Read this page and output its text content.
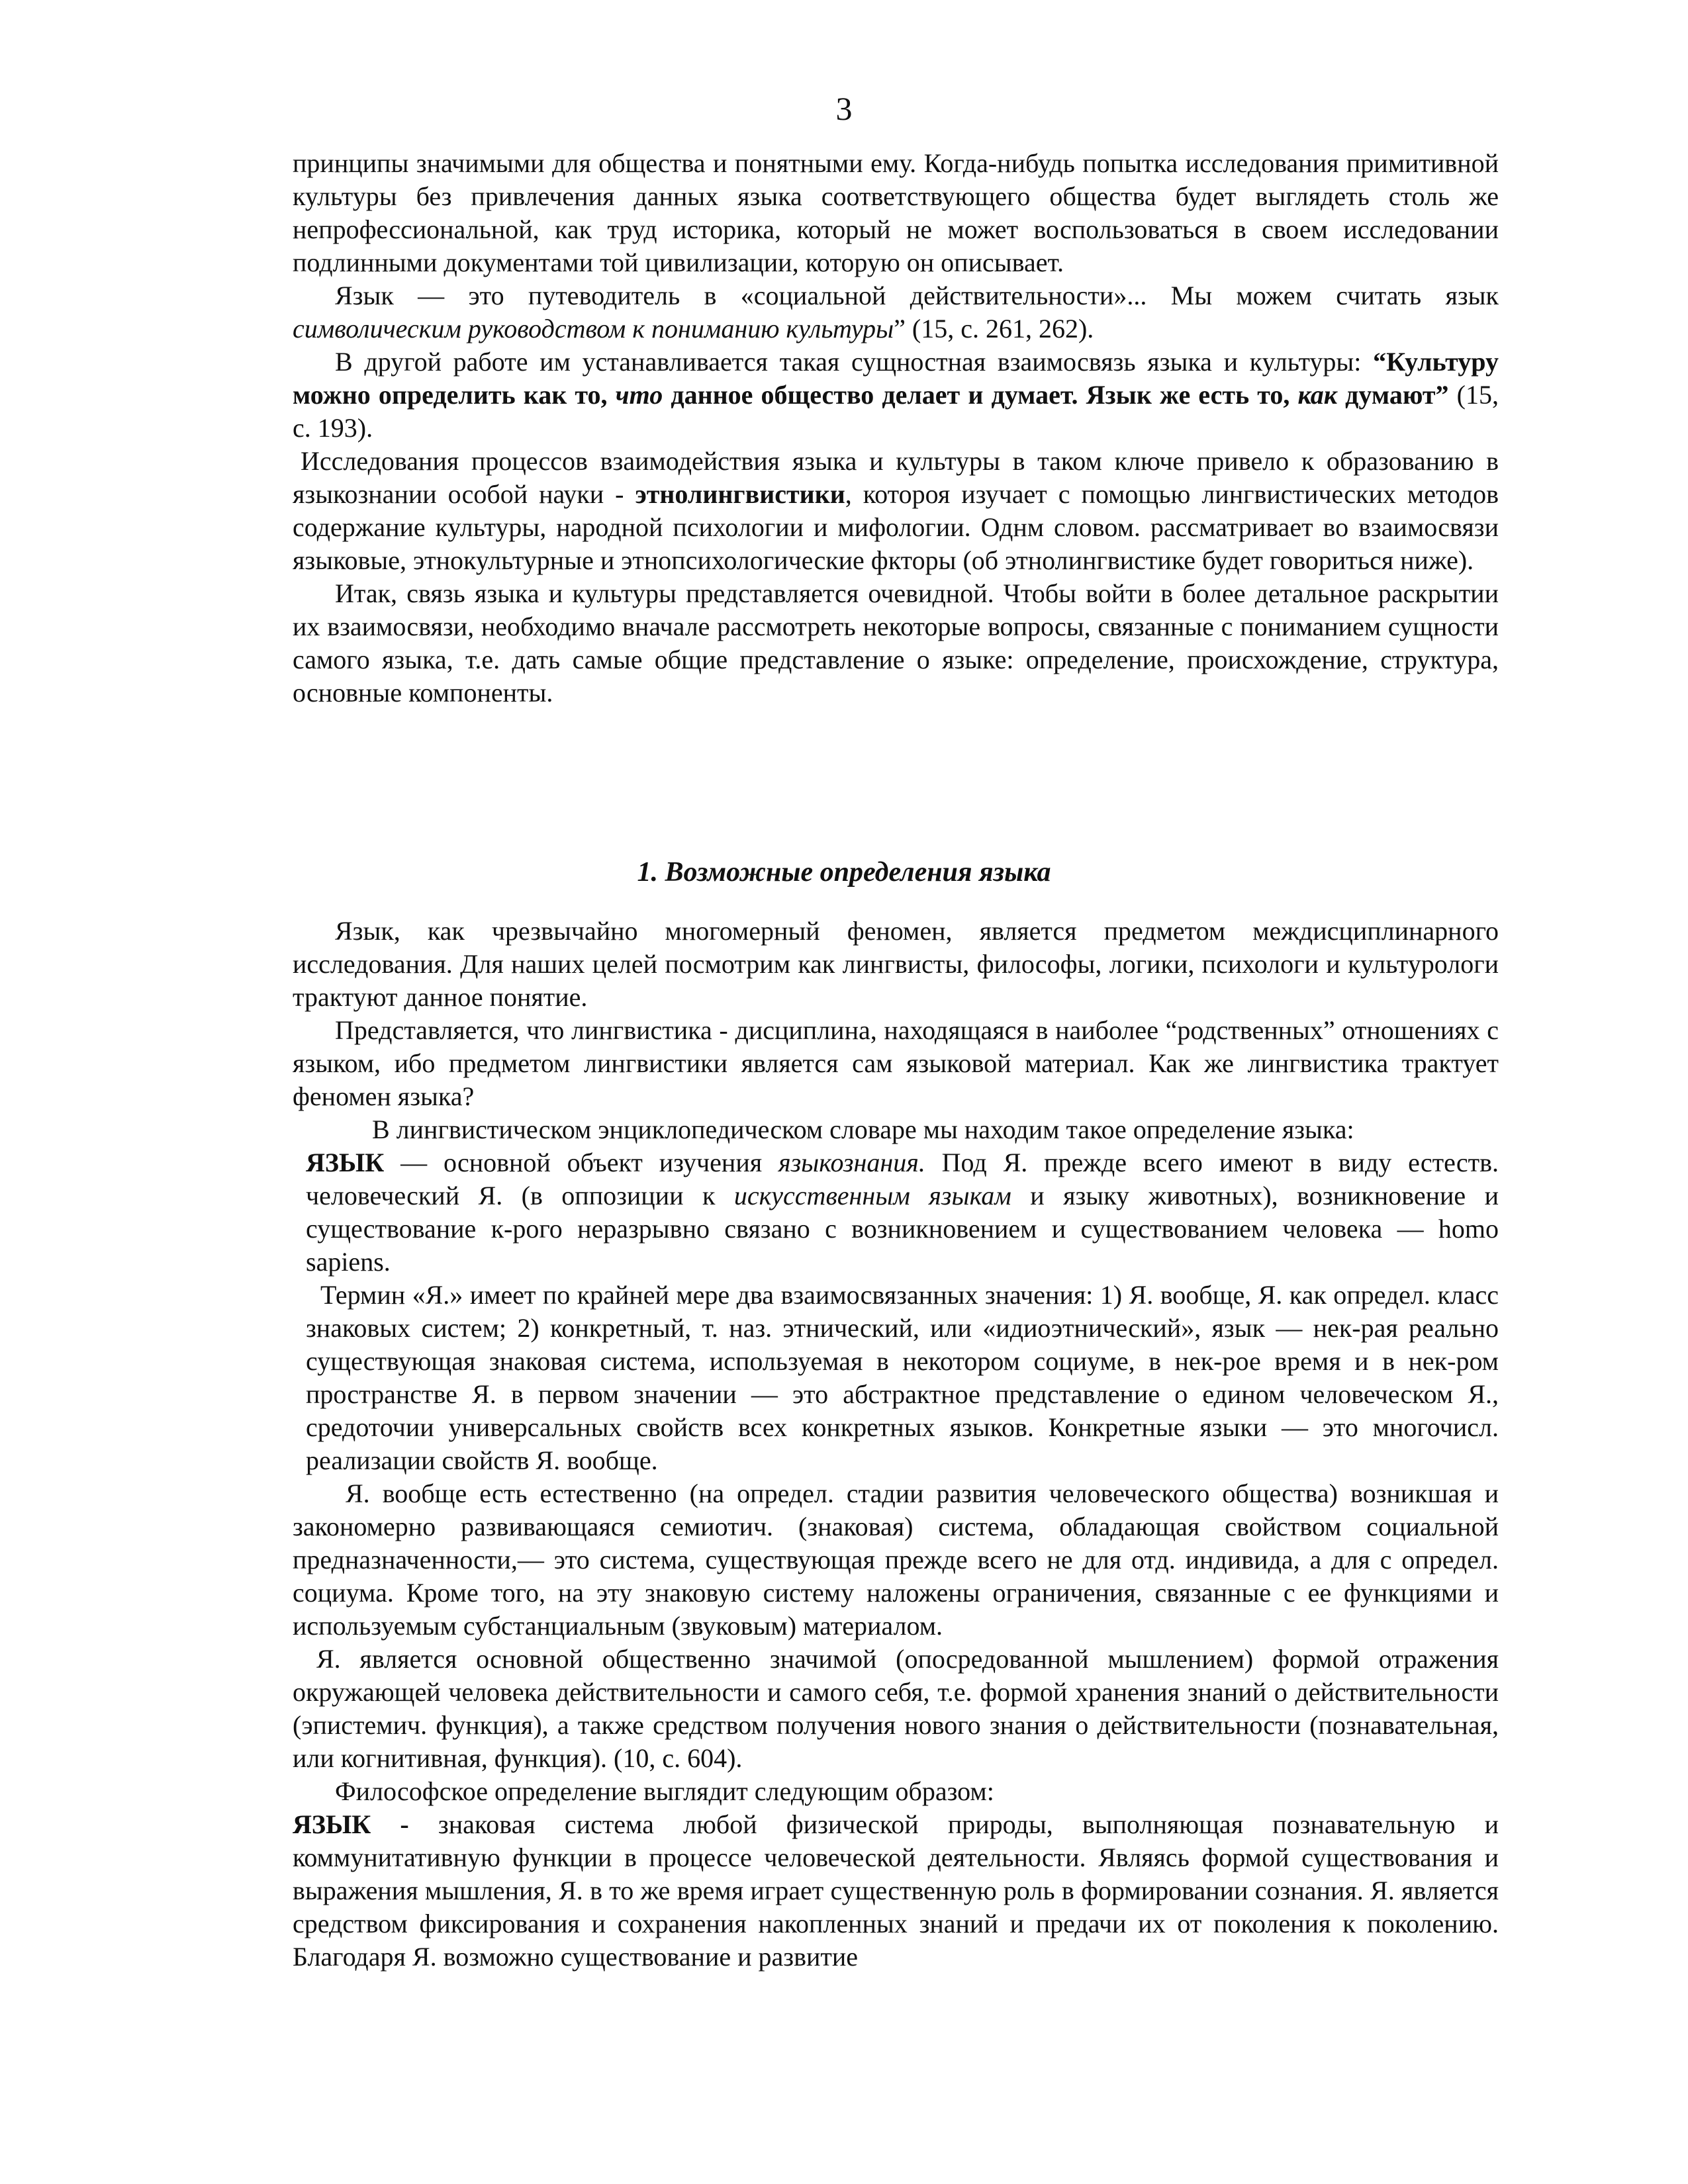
3

принципы значимыми для общества и понятными ему. Когда-нибудь попытка исследования примитивной культуры без привлечения данных языка соответствующего общества будет выглядеть столь же непрофессиональной, как труд историка, который не может воспользоваться в своем исследовании подлинными документами той цивилизации, которую он описывает.

Язык — это путеводитель в «социальной действительности»... Мы можем считать язык символическим руководством к пониманию культуры” (15, с. 261, 262).

В другой работе им устанавливается такая сущностная взаимосвязь языка и культуры: “Культуру можно определить как то, что данное общество делает и думает. Язык же есть то, как думают” (15, с. 193).

Исследования процессов взаимодействия языка и культуры в таком ключе привело к образованию в языкознании особой науки - этнолингвистики, котороя изучает с помощью лингвистических методов содержание культуры, народной психологии и мифологии. Однм словом. рассматривает во взаимосвязи языковые, этнокультурные и этнопсихологические фкторы (об этнолингвистике будет говориться ниже).

Итак, связь языка и культуры представляется очевидной. Чтобы войти в более детальное раскрытии их взаимосвязи, необходимо вначале рассмотреть некоторые вопросы, связанные с пониманием сущности самого языка, т.е. дать самые общие представление о языке: определение, происхождение, структура, основные компоненты.

1. Возможные определения языка

Язык, как чрезвычайно многомерный феномен, является предметом междисциплинарного исследования. Для наших целей посмотрим как лингвисты, философы, логики, психологи и культурологи трактуют данное понятие.

Представляется, что лингвистика - дисциплина, находящаяся в наиболее “родственных” отношениях с языком, ибо предметом лингвистики является сам языковой материал. Как же лингвистика трактует феномен языка?

В лингвистическом энциклопедическом словаре мы находим такое определение языка:

ЯЗЫК — основной объект изучения языкознания. Под Я. прежде всего имеют в виду естеств. человеческий Я. (в оппозиции к искусственным языкам и языку животных), возникновение и существование к-рого неразрывно связано с возникновением и существованием человека — homo sapiens.

Термин «Я.» имеет по крайней мере два взаимосвязанных значения: 1) Я. вообще, Я. как определ. класс знаковых систем; 2) конкретный, т. наз. этнический, или «идиоэтнический», язык — нек-рая реально существующая знаковая система, используемая в некотором социуме, в нек-рое время и в нек-ром пространстве Я. в первом значении — это абстрактное представление о едином человеческом Я., средоточии универсальных свойств всех конкретных языков. Конкретные языки — это многочисл. реализации свойств Я. вообще.

Я. вообще есть естественно (на определ. стадии развития человеческого общества) возникшая и закономерно развивающаяся семиотич. (знаковая) система, обладающая свойством социальной предназначенности,— это система, существующая прежде всего не для отд. индивида, а для с определ. социума. Кроме того, на эту знаковую систему наложены ограничения, связанные с ее функциями и используемым субстанциальным (звуковым) материалом.

Я. является основной общественно значимой (опосредованной мышлением) формой отражения окружающей человека действительности и самого себя, т.е. формой хранения знаний о действительности (эпистемич. функция), а также средством получения нового знания о действительности (познавательная, или когнитивная, функция). (10, с. 604).

Философское определение выглядит следующим образом:

ЯЗЫК - знаковая система любой физической природы, выполняющая познавательную и коммунитативную функции в процессе человеческой деятельности. Являясь формой существования и выражения мышления, Я. в то же время играет существенную роль в формировании сознания. Я. является средством фиксирования и сохранения накопленных знаний и предачи их от поколения к поколению. Благодаря Я. возможно существование и развитие
